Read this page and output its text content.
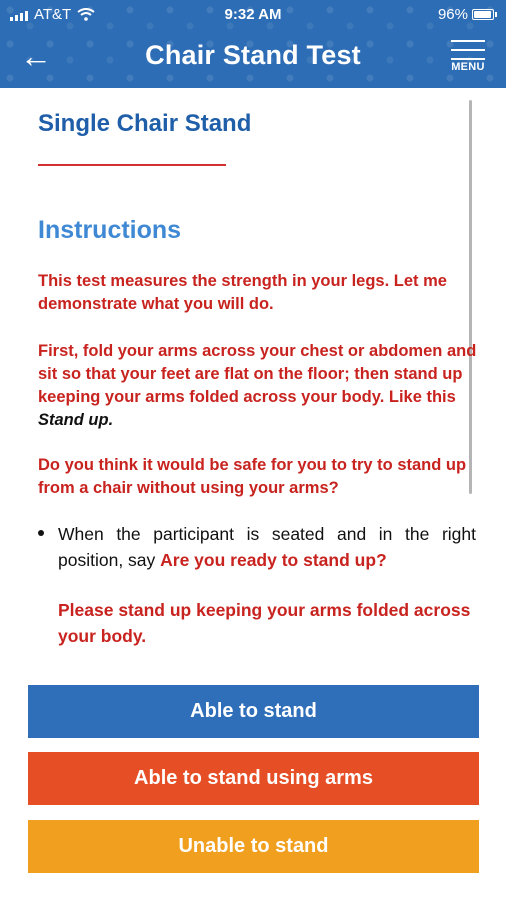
AT&T	9:32 AM	96%
←	Chair Stand Test	MENU
Single Chair Stand
Instructions

This test measures the strength in your legs. Let me demonstrate what you will do.

First, fold your arms across your chest or abdomen and sit so that your feet are flat on the floor; then stand up keeping your arms folded across your body. Like this Stand up.

Do you think it would be safe for you to try to stand up from a chair without using your arms?

When the participant is seated and in the right position, say Are you ready to stand up?

Please stand up keeping your arms folded across your body.

Able to stand
Able to stand using arms
Unable to stand
